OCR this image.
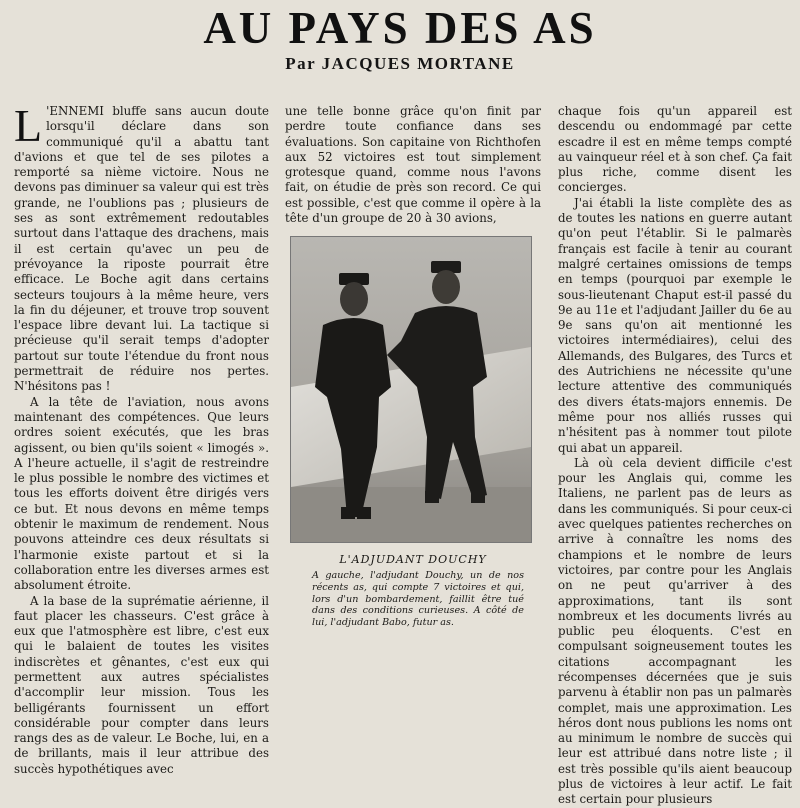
AU PAYS DES AS
Par JACQUES MORTANE

L 'ENNEMI bluffe sans aucun doute lorsqu'il déclare dans son communiqué qu'il a abattu tant d'avions et que tel de ses pilotes a remporté sa nième victoire. Nous ne devons pas diminuer sa valeur qui est très grande, ne l'oublions pas ; plusieurs de ses as sont extrêmement redoutables surtout dans l'attaque des drachens, mais il est certain qu'avec un peu de prévoyance la riposte pourrait être efficace. Le Boche agit dans certains secteurs toujours à la même heure, vers la fin du déjeuner, et trouve trop souvent l'espace libre devant lui. La tactique si précieuse qu'il serait temps d'adopter partout sur toute l'étendue du front nous permettrait de réduire nos pertes. N'hésitons pas !

A la tête de l'aviation, nous avons maintenant des compétences. Que leurs ordres soient exécutés, que les bras agissent, ou bien qu'ils soient « limogés ». A l'heure actuelle, il s'agit de restreindre le plus possible le nombre des victimes et tous les efforts doivent être dirigés vers ce but. Et nous devons en même temps obtenir le maximum de rendement. Nous pouvons atteindre ces deux résultats si l'harmonie existe partout et si la collaboration entre les diverses armes est absolument étroite.

A la base de la suprématie aérienne, il faut placer les chasseurs. C'est grâce à eux que l'atmosphère est libre, c'est eux qui le balaient de toutes les visites indiscrètes et gênantes, c'est eux qui permettent aux autres spécialistes d'accomplir leur mission. Tous les belligérants fournissent un effort considérable pour compter dans leurs rangs des as de valeur. Le Boche, lui, en a de brillants, mais il leur attribue des succès hypothétiques avec

une telle bonne grâce qu'on finit par perdre toute confiance dans ses évaluations. Son capitaine von Richthofen aux 52 victoires est tout simplement grotesque quand, comme nous l'avons fait, on étudie de près son record. Ce qui est possible, c'est que comme il opère à la tête d'un groupe de 20 à 30 avions,

L'ADJUDANT DOUCHY
A gauche, l'adjudant Douchy, un de nos récents as, qui compte 7 victoires et qui, lors d'un bombardement, faillit être tué dans des conditions curieuses. A côté de lui, l'adjudant Babo, futur as.

chaque fois qu'un appareil est descendu ou endommagé par cette escadre il est en même temps compté au vainqueur réel et à son chef. Ça fait plus riche, comme disent les concierges.

J'ai établi la liste complète des as de toutes les nations en guerre autant qu'on peut l'établir. Si le palmarès français est facile à tenir au courant malgré certaines omissions de temps en temps (pourquoi par exemple le sous-lieutenant Chaput est-il passé du 9e au 11e et l'adjudant Jailler du 6e au 9e sans qu'on ait mentionné les victoires intermédiaires), celui des Allemands, des Bulgares, des Turcs et des Autrichiens ne nécessite qu'une lecture attentive des communiqués des divers états-majors ennemis. De même pour nos alliés russes qui n'hésitent pas à nommer tout pilote qui abat un appareil.

Là où cela devient difficile c'est pour les Anglais qui, comme les Italiens, ne parlent pas de leurs as dans les communiqués. Si pour ceux-ci avec quelques patientes recherches on arrive à connaître les noms des champions et le nombre de leurs victoires, par contre pour les Anglais on ne peut qu'arriver à des approximations, tant ils sont nombreux et les documents livrés au public peu éloquents. C'est en compulsant soigneusement toutes les citations accompagnant les récompenses décernées que je suis parvenu à établir non pas un palmarès complet, mais une approximation. Les héros dont nous publions les noms ont au minimum le nombre de succès qui leur est attribué dans notre liste ; il est très possible qu'ils aient beaucoup plus de victoires à leur actif. Le fait est certain pour plusieurs
